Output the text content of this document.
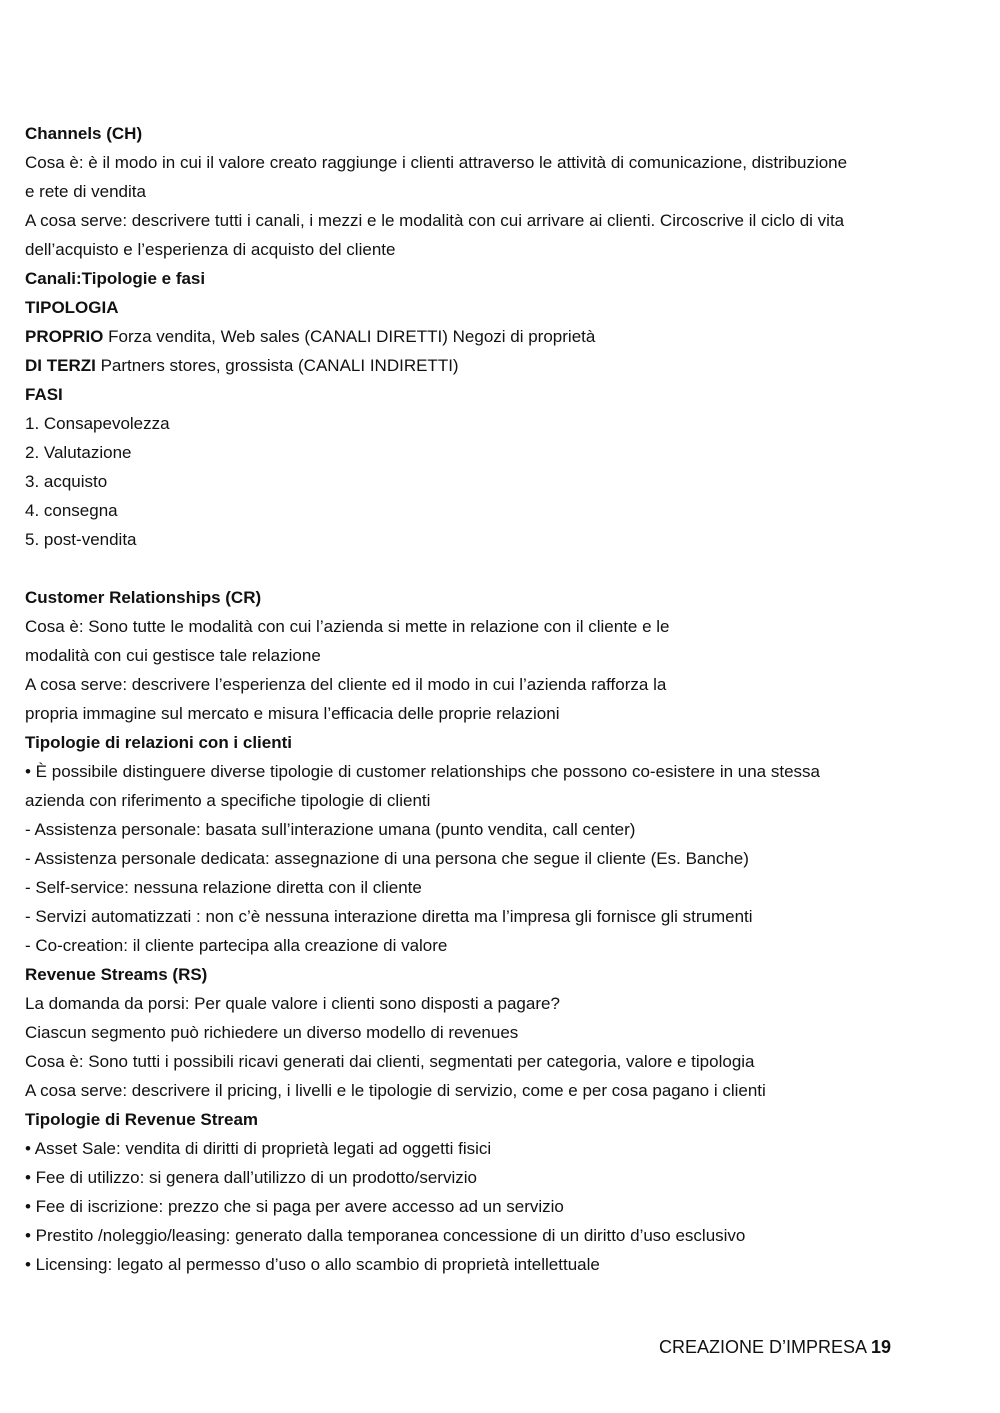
Channels (CH)
Cosa è: è il modo in cui il valore creato raggiunge i clienti attraverso le attività di comunicazione, distribuzione
e rete di vendita
A cosa serve: descrivere tutti i canali, i mezzi e le modalità con cui arrivare ai clienti. Circoscrive il ciclo di vita
dell’acquisto e l’esperienza di acquisto del cliente
Canali:Tipologie e fasi
TIPOLOGIA
PROPRIO Forza vendita, Web sales (CANALI DIRETTI) Negozi di proprietà
DI TERZI Partners stores, grossista (CANALI INDIRETTI)
FASI
1. Consapevolezza
2. Valutazione
3. acquisto
4. consegna
5. post-vendita
Customer Relationships (CR)
Cosa è: Sono tutte le modalità con cui l’azienda si mette in relazione con il cliente e le
modalità con cui gestisce tale relazione
A cosa serve: descrivere l’esperienza del cliente ed il modo in cui l’azienda rafforza la
propria immagine sul mercato e misura l’efficacia delle proprie relazioni
Tipologie di relazioni con i clienti
• È possibile distinguere diverse tipologie di customer relationships che possono co-esistere in una stessa
azienda con riferimento a specifiche tipologie di clienti
- Assistenza personale: basata sull’interazione umana (punto vendita, call center)
- Assistenza personale dedicata: assegnazione di una persona che segue il cliente (Es. Banche)
- Self-service: nessuna relazione diretta con il cliente
- Servizi automatizzati : non c’è nessuna interazione diretta ma l’impresa gli fornisce gli strumenti
- Co-creation: il cliente partecipa alla creazione di valore
Revenue Streams (RS)
La domanda da porsi: Per quale valore i clienti sono disposti a pagare?
Ciascun segmento può richiedere un diverso modello di revenues
Cosa è: Sono tutti i possibili ricavi generati dai clienti, segmentati per categoria, valore e tipologia
A cosa serve: descrivere il pricing, i livelli e le tipologie di servizio, come e per cosa pagano i clienti
Tipologie di Revenue Stream
• Asset Sale: vendita di diritti di proprietà legati ad oggetti fisici
• Fee di utilizzo: si genera dall’utilizzo di un prodotto/servizio
• Fee di iscrizione: prezzo che si paga per avere accesso ad un servizio
• Prestito /noleggio/leasing: generato dalla temporanea concessione di un diritto d’uso esclusivo
• Licensing: legato al permesso d’uso o allo scambio di proprietà intellettuale
CREAZIONE D’IMPRESA 19
